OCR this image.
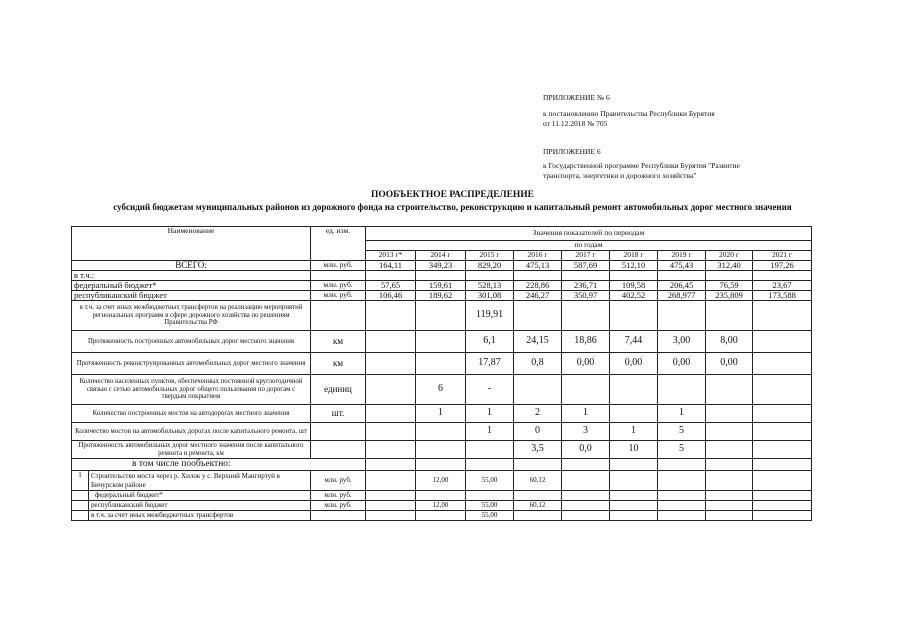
ПРИЛОЖЕНИЕ № 6
к постановлению Правительства Республики Бурятия
от 11.12.2018 № 705
ПРИЛОЖЕНИЕ 6
к Государственной программе Республики Бурятия "Развитие
транспорта, энергетики и дорожного хозяйства"
ПООБЪЕКТНОЕ РАСПРЕДЕЛЕНИЕ
субсидий бюджетам муниципальных районов из дорожного фонда на строительство, реконструкцию и капитальный ремонт автомобильных дорог местного значения
Наименование		ед. изм.	Значения показателей по периодам								
			по годам								
			2013 г*	2014 г	2015 г	2016 г	2017 г	2018 г	2019 г	2020 г	2021 г
ВСЕГО:		млн. руб.	164,11	349,23	829,20	475,13	587,69	512,10	475,43	312,40	197,26
в т.ч.:											
федеральный бюджет*		млн. руб.	57,65	159,61	528,13	228,86	236,71	109,58	206,45	76,59	23,67
республиканский бюджет		млн. руб.	106,46	189,62	301,08	246,27	350,97	402,52	268,977	235,809	173,588
в т.ч. за счет иных межбюджетных трансфертов на реализацию мероприятий региональных программ в сфере дорожного хозяйства по решениям Правительства РФ					119,91						
Протяженность построенных автомобильных дорог местного значения		км			6,1	24,15	18,86	7,44	3,00	8,00	
Протяженность реконструированных автомобильных дорог местного значения		км			17,87	0,8	0,00	0,00	0,00	0,00	
Количество населенных пунктов, обеспеченных постоянной круглогодичной связью с сетью автомобильных дорог общего пользования по дорогам с твердым покрытием		единиц		6	-						
Количество построенных мостов на автодорогах местного значения		шт.		1	1	2	1		1		
Количество мостов на автомобильных дорогах после капитального ремонта, шт					1	0	3	1	5		
Протяженность автомобильных дорог местного значения после капитального ремонта и ремонта, км						3,5	0,0	10	5		
в том числе пообъектно:											
1	Строительство моста через р. Хилок у с. Верхний Мангиртуй в Бичурском районе	млн. руб.		12,00	55,00	60,12					
	федеральный бюджет*	млн. руб.									
	республиканский бюджет	млн. руб.		12,00	55,00	60,12					
	в т.ч. за счет иных межбюджетных трансфертов				55,00						
